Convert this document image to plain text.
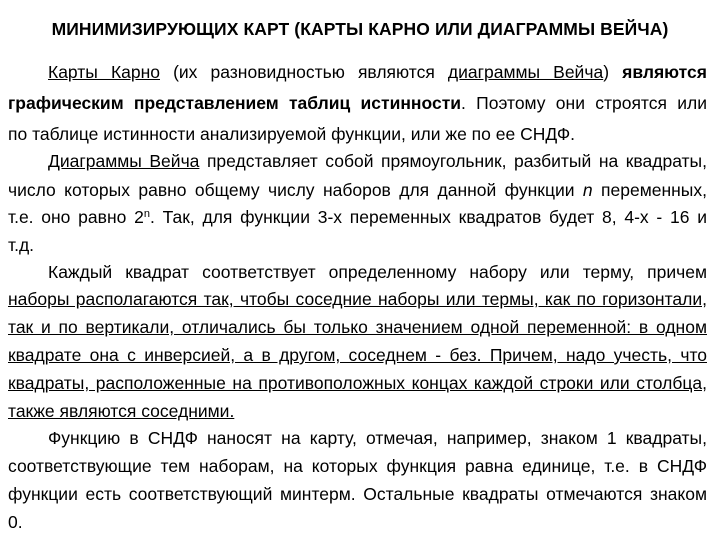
МИНИМИЗИРУЮЩИХ КАРТ (КАРТЫ КАРНО ИЛИ ДИАГРАММЫ ВЕЙЧА)
Карты Карно (их разновидностью являются диаграммы Вейча) являются
графическим представлением таблиц истинности. Поэтому они строятся или
по таблице истинности анализируемой функции, или же по ее СНДФ.
Диаграммы Вейча представляет собой прямоугольник, разбитый на квадраты,
число которых равно общему числу наборов для данной функции n переменных,
т.е. оно равно 2$^n$. Так, для функции 3-х переменных квадратов будет 8, 4-х - 16 и
т.д.
Каждый квадрат соответствует определенному набору или терму, причем
наборы располагаются так, чтобы соседние наборы или термы, как по горизонтали,
так и по вертикали, отличались бы только значением одной переменной: в одном
квадрате она с инверсией, а в другом, соседнем - без. Причем, надо учесть, что
квадраты, расположенные на противоположных концах каждой строки или столбца,
также являются соседними.
Функцию в СНДФ наносят на карту, отмечая, например, знаком 1 квадраты,
соответствующие тем наборам, на которых функция равна единице, т.е. в СНДФ
функции есть соответствующий минтерм. Остальные квадраты отмечаются знаком
0.
